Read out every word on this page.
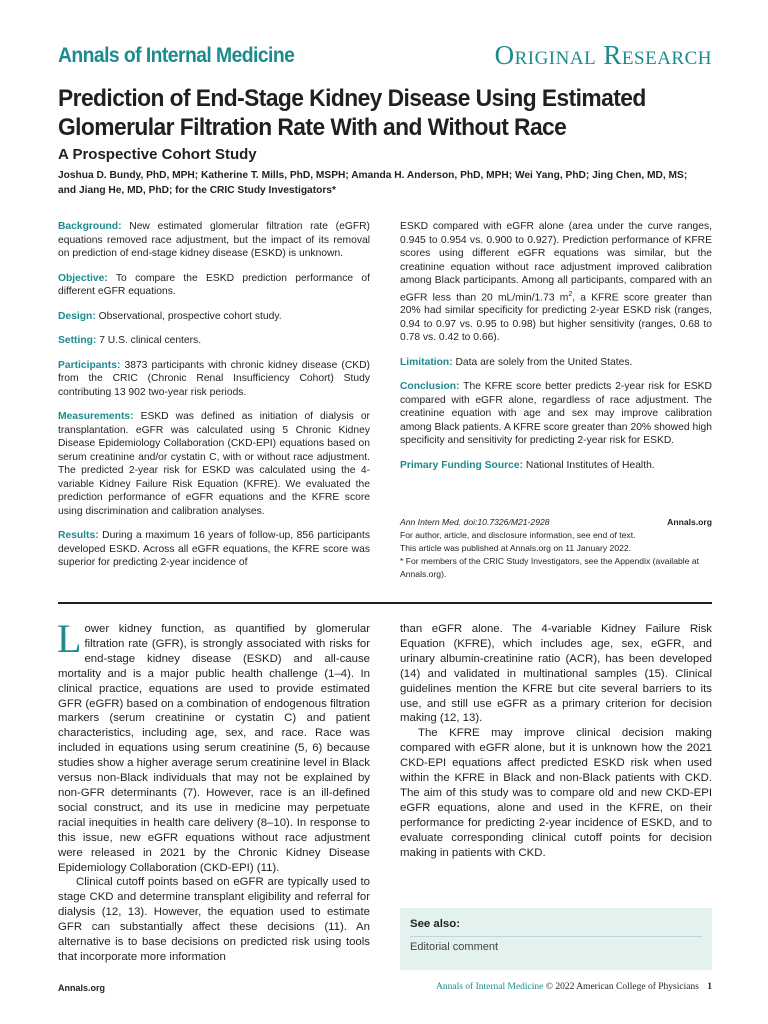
Annals of Internal Medicine	Original Research
Prediction of End-Stage Kidney Disease Using Estimated Glomerular Filtration Rate With and Without Race
A Prospective Cohort Study
Joshua D. Bundy, PhD, MPH; Katherine T. Mills, PhD, MSPH; Amanda H. Anderson, PhD, MPH; Wei Yang, PhD; Jing Chen, MD, MS; and Jiang He, MD, PhD; for the CRIC Study Investigators*

Background: New estimated glomerular filtration rate (eGFR) equations removed race adjustment, but the impact of its removal on prediction of end-stage kidney disease (ESKD) is unknown.

Objective: To compare the ESKD prediction performance of different eGFR equations.

Design: Observational, prospective cohort study.

Setting: 7 U.S. clinical centers.

Participants: 3873 participants with chronic kidney disease (CKD) from the CRIC (Chronic Renal Insufficiency Cohort) Study contributing 13 902 two-year risk periods.

Measurements: ESKD was defined as initiation of dialysis or transplantation. eGFR was calculated using 5 Chronic Kidney Disease Epidemiology Collaboration (CKD-EPI) equations based on serum creatinine and/or cystatin C, with or without race adjustment. The predicted 2-year risk for ESKD was calculated using the 4-variable Kidney Failure Risk Equation (KFRE). We evaluated the prediction performance of eGFR equations and the KFRE score using discrimination and calibration analyses.

Results: During a maximum 16 years of follow-up, 856 participants developed ESKD. Across all eGFR equations, the KFRE score was superior for predicting 2-year incidence of

ESKD compared with eGFR alone (area under the curve ranges, 0.945 to 0.954 vs. 0.900 to 0.927). Prediction performance of KFRE scores using different eGFR equations was similar, but the creatinine equation without race adjustment improved calibration among Black participants. Among all participants, compared with an eGFR less than 20 mL/min/1.73 $m^2$, a KFRE score greater than 20% had similar specificity for predicting 2-year ESKD risk (ranges, 0.94 to 0.97 vs. 0.95 to 0.98) but higher sensitivity (ranges, 0.68 to 0.78 vs. 0.42 to 0.66).

Limitation: Data are solely from the United States.

Conclusion: The KFRE score better predicts 2-year risk for ESKD compared with eGFR alone, regardless of race adjustment. The creatinine equation with age and sex may improve calibration among Black patients. A KFRE score greater than 20% showed high specificity and sensitivity for predicting 2-year risk for ESKD.

Primary Funding Source: National Institutes of Health.

Ann Intern Med. doi:10.7326/M21-2928	Annals.org
For author, article, and disclosure information, see end of text.
This article was published at Annals.org on 11 January 2022.
* For members of the CRIC Study Investigators, see the Appendix (available at Annals.org).

Lower kidney function, as quantified by glomerular filtration rate (GFR), is strongly associated with risks for end-stage kidney disease (ESKD) and all-cause mortality and is a major public health challenge (1–4). In clinical practice, equations are used to provide estimated GFR (eGFR) based on a combination of endogenous filtration markers (serum creatinine or cystatin C) and patient characteristics, including age, sex, and race. Race was included in equations using serum creatinine (5, 6) because studies show a higher average serum creatinine level in Black versus non-Black individuals that may not be explained by non-GFR determinants (7). However, race is an ill-defined social construct, and its use in medicine may perpetuate racial inequities in health care delivery (8–10). In response to this issue, new eGFR equations without race adjustment were released in 2021 by the Chronic Kidney Disease Epidemiology Collaboration (CKD-EPI) (11).

Clinical cutoff points based on eGFR are typically used to stage CKD and determine transplant eligibility and referral for dialysis (12, 13). However, the equation used to estimate GFR can substantially affect these decisions (11). An alternative is to base decisions on predicted risk using tools that incorporate more information

than eGFR alone. The 4-variable Kidney Failure Risk Equation (KFRE), which includes age, sex, eGFR, and urinary albumin-creatinine ratio (ACR), has been developed (14) and validated in multinational samples (15). Clinical guidelines mention the KFRE but cite several barriers to its use, and still use eGFR as a primary criterion for decision making (12, 13).

The KFRE may improve clinical decision making compared with eGFR alone, but it is unknown how the 2021 CKD-EPI equations affect predicted ESKD risk when used within the KFRE in Black and non-Black patients with CKD. The aim of this study was to compare old and new CKD-EPI eGFR equations, alone and used in the KFRE, on their performance for predicting 2-year incidence of ESKD, and to evaluate corresponding clinical cutoff points for decision making in patients with CKD.

See also:
Editorial comment
Annals.org	Annals of Internal Medicine © 2022 American College of Physicians 1
